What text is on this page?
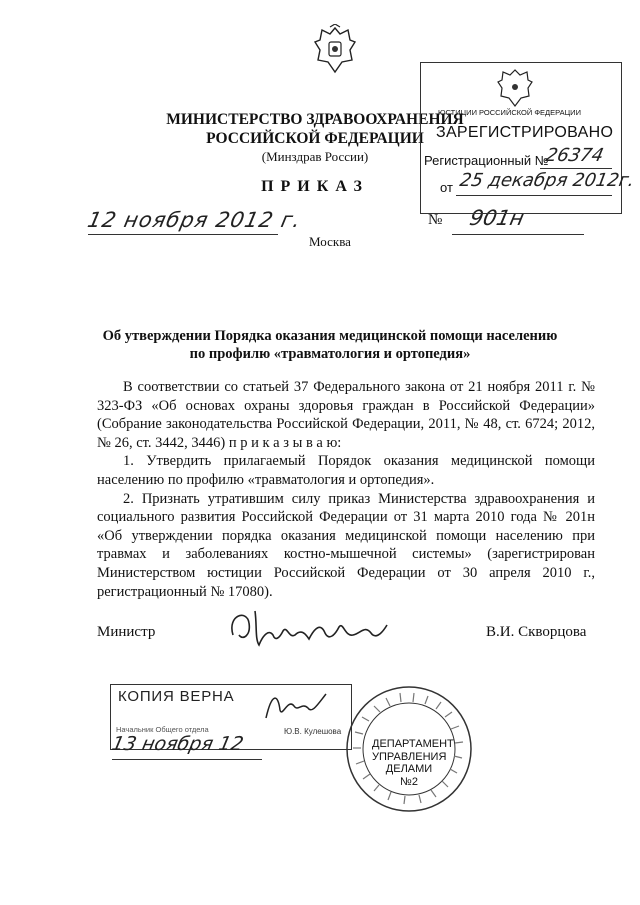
МИНИСТЕРСТВО ЗДРАВООХРАНЕНИЯ
РОССИЙСКОЙ ФЕДЕРАЦИИ
(Минздрав России)
ПРИКАЗ
12 ноября 2012 г.
Москва
№ 901н
ЮСТИЦИИ РОССИЙСКОЙ ФЕДЕРАЦИИ
ЗАРЕГИСТРИРОВАНО
Регистрационный №
26374
от 25 декабря 2012г.
Об утверждении Порядка оказания медицинской помощи населению
по профилю «травматология и ортопедия»

В соответствии со статьей 37 Федерального закона от 21 ноября 2011 г. № 323-ФЗ «Об основах охраны здоровья граждан в Российской Федерации» (Собрание законодательства Российской Федерации, 2011, № 48, ст. 6724; 2012, № 26, ст. 3442, 3446) п р и к а з ы в а ю:

1. Утвердить прилагаемый Порядок оказания медицинской помощи населению по профилю «травматология и ортопедия».

2. Признать утратившим силу приказ Министерства здравоохранения и социального развития Российской Федерации от 31 марта 2010 года № 201н «Об утверждении порядка оказания медицинской помощи населению при травмах и заболеваниях костно-мышечной системы» (зарегистрирован Министерством юстиции Российской Федерации от 30 апреля 2010 г., регистрационный № 17080).

Министр	В.И. Скворцова
КОПИЯ ВЕРНА
Начальник Общего отдела	Ю.В. Кулешова
13 ноября 12	ДЕПАРТАМЕНТ
УПРАВЛЕНИЯ
ДЕЛАМИ
№2
